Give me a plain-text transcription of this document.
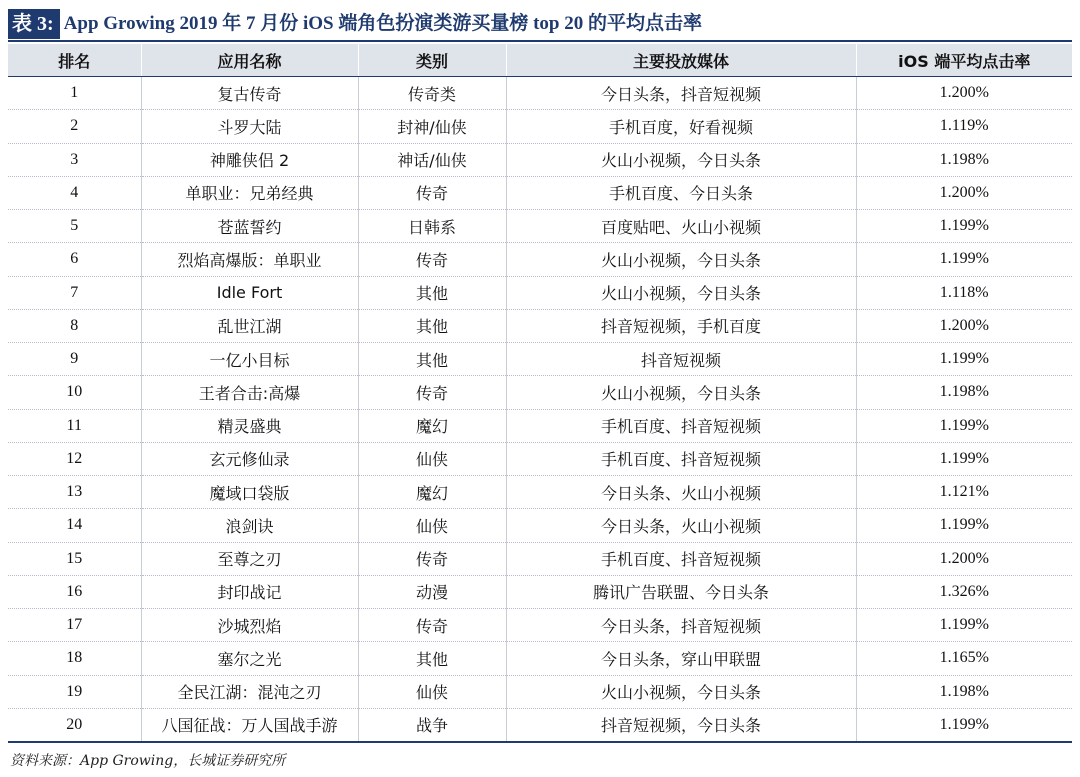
表 3: App Growing 2019 年 7 月份 iOS 端角色扮演类游买量榜 top 20 的平均点击率
排名	应用名称	类别	主要投放媒体	iOS 端平均点击率
1	复古传奇	传奇类	今日头条，抖音短视频	1.200%
2	斗罗大陆	封神/仙侠	手机百度，好看视频	1.119%
3	神雕侠侣 2	神话/仙侠	火山小视频，今日头条	1.198%
4	单职业：兄弟经典	传奇	手机百度、今日头条	1.200%
5	苍蓝誓约	日韩系	百度贴吧、火山小视频	1.199%
6	烈焰高爆版：单职业	传奇	火山小视频，今日头条	1.199%
7	Idle Fort	其他	火山小视频，今日头条	1.118%
8	乱世江湖	其他	抖音短视频，手机百度	1.200%
9	一亿小目标	其他	抖音短视频	1.199%
10	王者合击:高爆	传奇	火山小视频，今日头条	1.198%
11	精灵盛典	魔幻	手机百度、抖音短视频	1.199%
12	玄元修仙录	仙侠	手机百度、抖音短视频	1.199%
13	魔域口袋版	魔幻	今日头条、火山小视频	1.121%
14	浪剑诀	仙侠	今日头条，火山小视频	1.199%
15	至尊之刃	传奇	手机百度、抖音短视频	1.200%
16	封印战记	动漫	腾讯广告联盟、今日头条	1.326%
17	沙城烈焰	传奇	今日头条，抖音短视频	1.199%
18	塞尔之光	其他	今日头条，穿山甲联盟	1.165%
19	全民江湖：混沌之刃	仙侠	火山小视频，今日头条	1.198%
20	八国征战：万人国战手游	战争	抖音短视频，今日头条	1.199%
资料来源：App Growing，长城证券研究所
